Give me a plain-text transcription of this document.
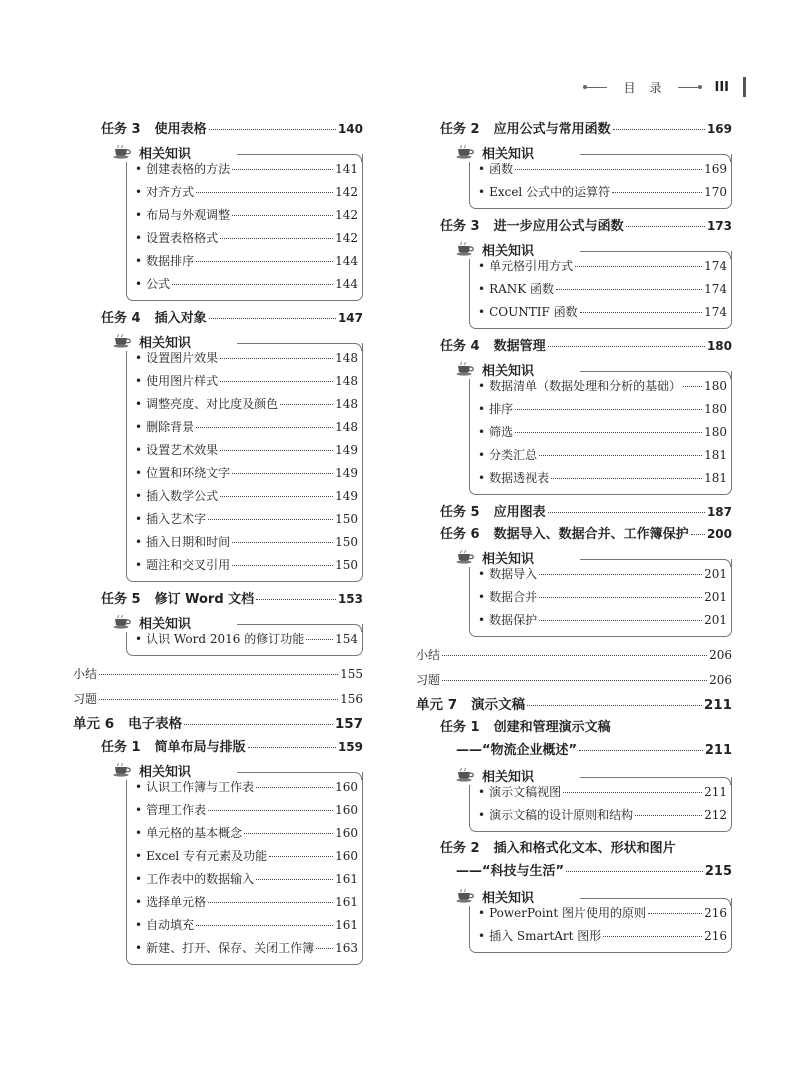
目　录	III
任务 3 使用表格	140
相关知识
• 创建表格的方法	141
• 对齐方式	142
• 布局与外观调整	142
• 设置表格格式	142
• 数据排序	144
• 公式	144
任务 4 插入对象	147
相关知识
• 设置图片效果	148
• 使用图片样式	148
• 调整亮度、对比度及颜色	148
• 删除背景	148
• 设置艺术效果	149
• 位置和环绕文字	149
• 插入数学公式	149
• 插入艺术字	150
• 插入日期和时间	150
• 题注和交叉引用	150
任务 5 修订 Word 文档	153
相关知识
• 认识 Word 2016 的修订功能	154
小结	155
习题	156
单元 6 电子表格	157
任务 1 简单布局与排版	159
相关知识
• 认识工作簿与工作表	160
• 管理工作表	160
• 单元格的基本概念	160
• Excel 专有元素及功能	160
• 工作表中的数据输入	161
• 选择单元格	161
• 自动填充	161
• 新建、打开、保存、关闭工作簿 163
任务 2 应用公式与常用函数	169
相关知识
• 函数	169
• Excel 公式中的运算符	170
任务 3 进一步应用公式与函数	173
相关知识
• 单元格引用方式	174
• RANK 函数	174
• COUNTIF 函数	174
任务 4 数据管理	180
相关知识
• 数据清单（数据处理和分析的基础） 180
• 排序	180
• 筛选	180
• 分类汇总	181
• 数据透视表	181
任务 5 应用图表	187
任务 6 数据导入、数据合并、工作簿保护 200
相关知识
• 数据导入	201
• 数据合并	201
• 数据保护	201
小结	206
习题	206
单元 7 演示文稿	211
任务 1 创建和管理演示文稿
——“物流企业概述”	211
相关知识
• 演示文稿视图	211
• 演示文稿的设计原则和结构	212
任务 2 插入和格式化文本、形状和图片
——“科技与生活”	215
相关知识
• PowerPoint 图片使用的原则	216
• 插入 SmartArt 图形	216
